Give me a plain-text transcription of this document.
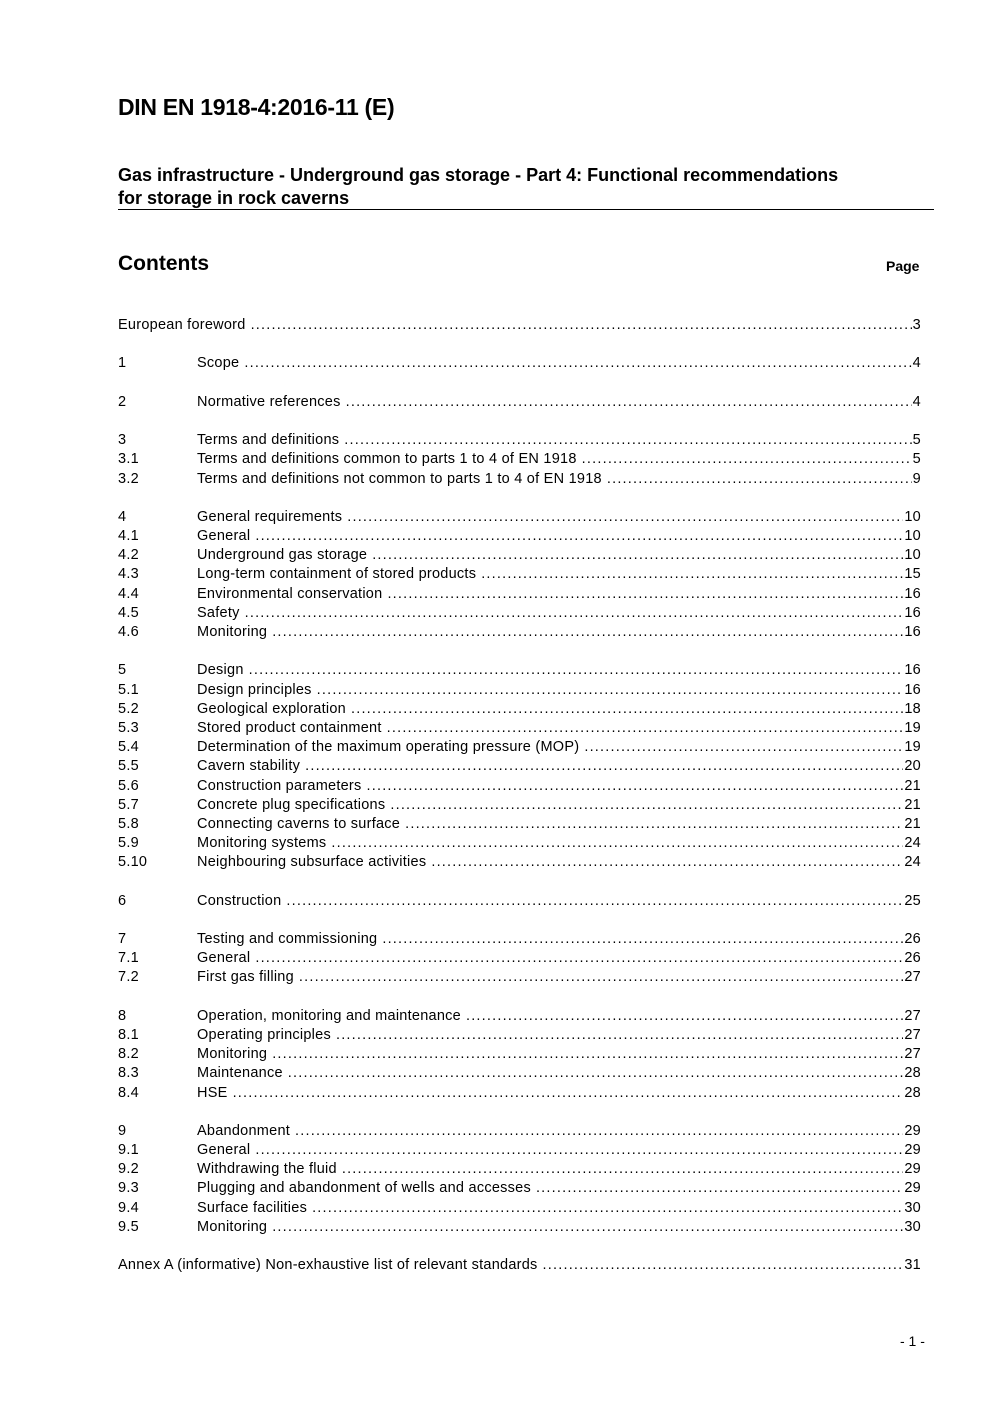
DIN EN 1918-4:2016-11 (E)
Gas infrastructure - Underground gas storage - Part 4: Functional recommendations
for storage in rock caverns
Contents	Page
European foreword .....	3
1	Scope .....	4
2	Normative references .....	4
3	Terms and definitions .....	5
3.1	Terms and definitions common to parts 1 to 4 of EN 1918 .....	5
3.2	Terms and definitions not common to parts 1 to 4 of EN 1918 .....	9
4	General requirements .....	10
4.1	General .....	10
4.2	Underground gas storage .....	10
4.3	Long-term containment of stored products .....	15
4.4	Environmental conservation .....	16
4.5	Safety .....	16
4.6	Monitoring .....	16
5	Design .....	16
5.1	Design principles .....	16
5.2	Geological exploration .....	18
5.3	Stored product containment .....	19
5.4	Determination of the maximum operating pressure (MOP) .....	19
5.5	Cavern stability .....	20
5.6	Construction parameters .....	21
5.7	Concrete plug specifications .....	21
5.8	Connecting caverns to surface .....	21
5.9	Monitoring systems .....	24
5.10	Neighbouring subsurface activities .....	24
6	Construction .....	25
7	Testing and commissioning .....	26
7.1	General .....	26
7.2	First gas filling .....	27
8	Operation, monitoring and maintenance .....	27
8.1	Operating principles .....	27
8.2	Monitoring .....	27
8.3	Maintenance .....	28
8.4	HSE .....	28
9	Abandonment .....	29
9.1	General .....	29
9.2	Withdrawing the fluid .....	29
9.3	Plugging and abandonment of wells and accesses .....	29
9.4	Surface facilities .....	30
9.5	Monitoring .....	30
Annex A (informative) Non-exhaustive list of relevant standards .....	31
- 1 -
